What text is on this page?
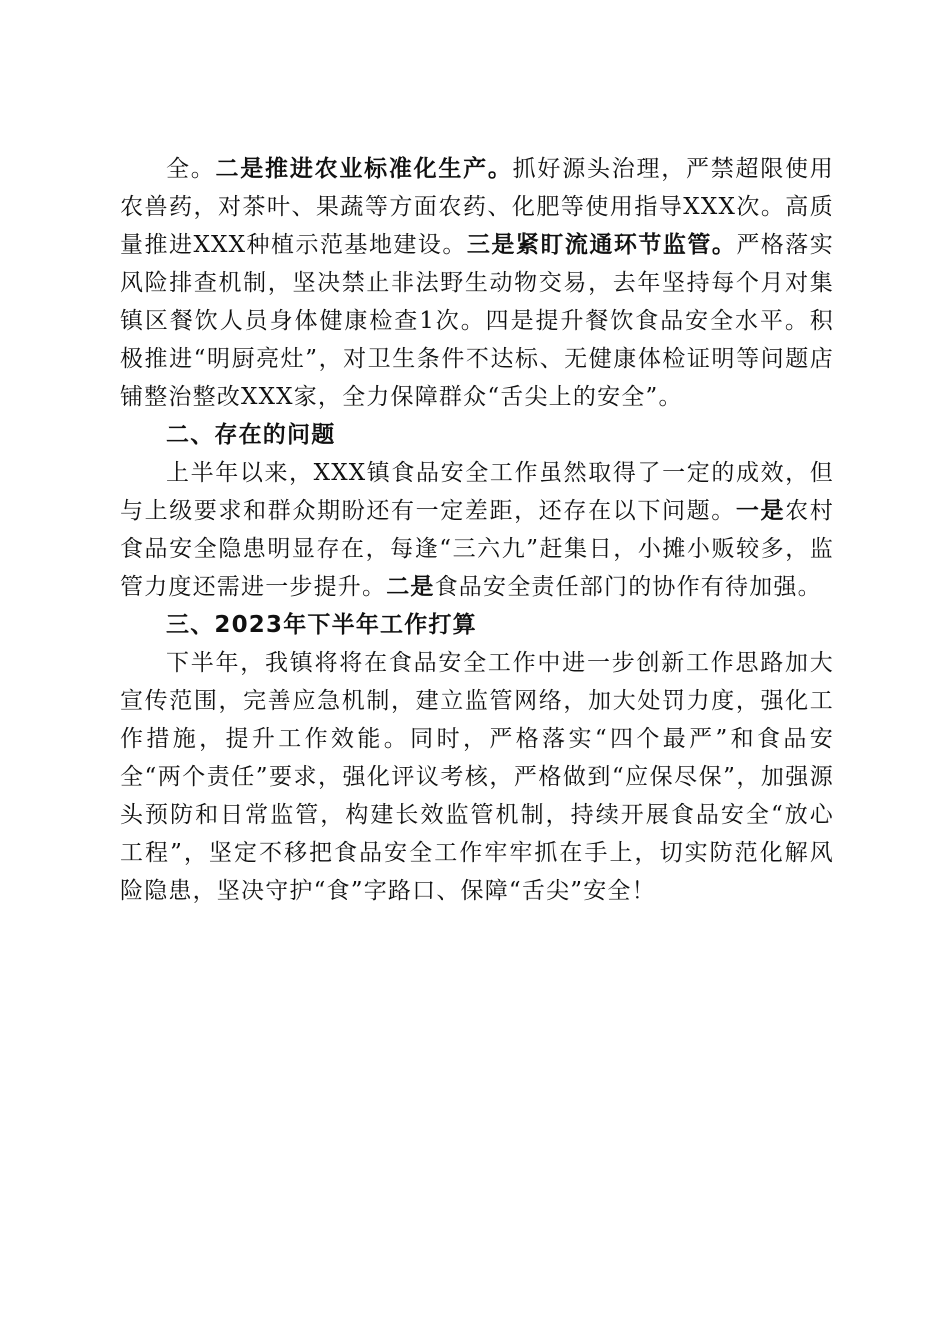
全。二是推进农业标准化生产。抓好源头治理，严禁超限使用农兽药，对茶叶、果蔬等方面农药、化肥等使用指导XXX次。高质量推进XXX种植示范基地建设。三是紧盯流通环节监管。严格落实风险排查机制，坚决禁止非法野生动物交易，去年坚持每个月对集镇区餐饮人员身体健康检查1次。四是提升餐饮食品安全水平。积极推进“明厨亮灶”，对卫生条件不达标、无健康体检证明等问题店铺整治整改XXX家，全力保障群众“舌尖上的安全”。

二、存在的问题

上半年以来，XXX镇食品安全工作虽然取得了一定的成效，但与上级要求和群众期盼还有一定差距，还存在以下问题。一是农村食品安全隐患明显存在，每逢“三六九”赶集日，小摊小贩较多，监管力度还需进一步提升。二是食品安全责任部门的协作有待加强。

三、2023年下半年工作打算

下半年，我镇将将在食品安全工作中进一步创新工作思路加大宣传范围，完善应急机制，建立监管网络，加大处罚力度，强化工作措施，提升工作效能。同时，严格落实“四个最严”和食品安全“两个责任”要求，强化评议考核，严格做到“应保尽保”，加强源头预防和日常监管，构建长效监管机制，持续开展食品安全“放心工程”，坚定不移把食品安全工作牢牢抓在手上，切实防范化解风险隐患，坚决守护“食”字路口、保障“舌尖”安全！
